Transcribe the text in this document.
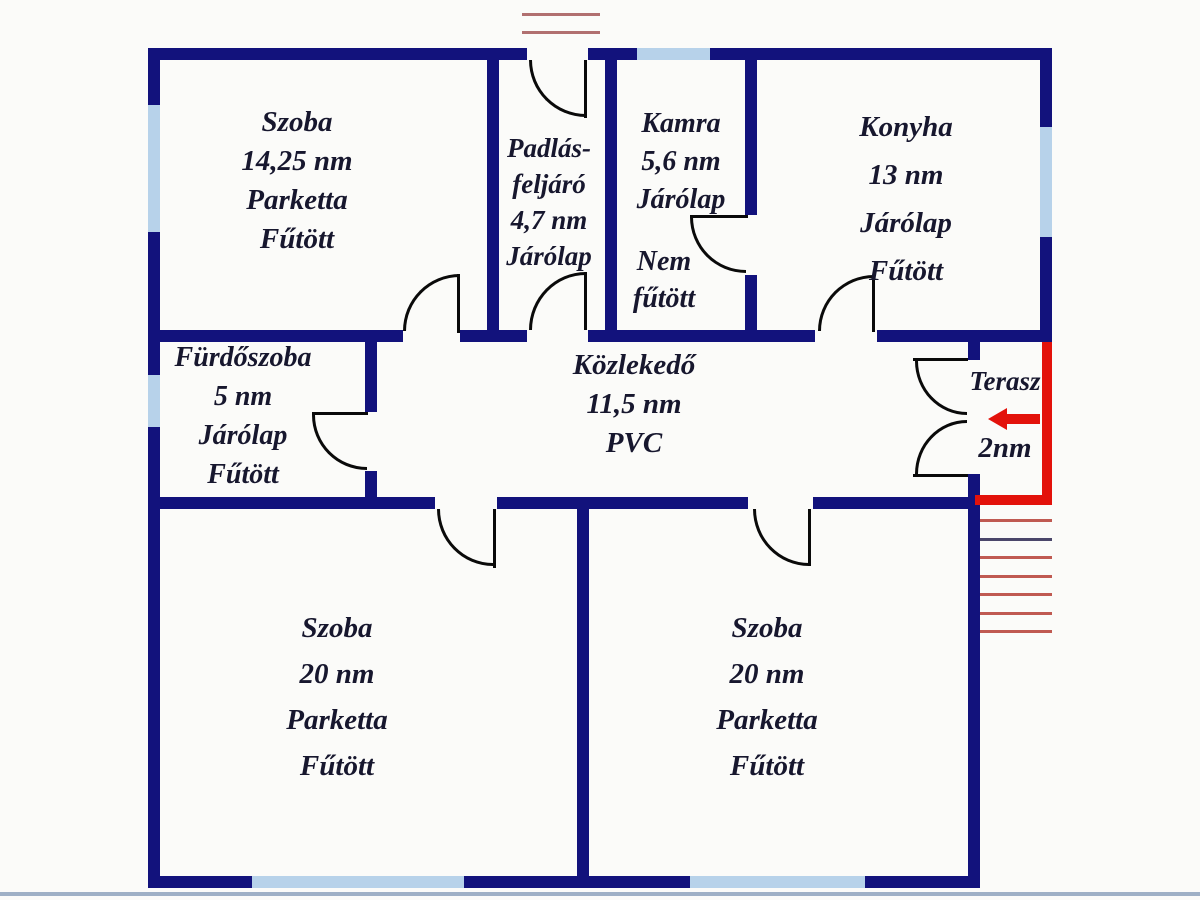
Szoba
14,25 nm
Parketta
Fűtött
Padlás-
feljáró
4,7 nm
Járólap
Kamra
5,6 nm
Járólap
Nem
fűtött
Konyha
13 nm
Járólap
Fűtött
Fürdőszoba
5 nm
Járólap
Fűtött
Közlekedő
11,5 nm
PVC
Terasz
2nm
Szoba
20 nm
Parketta
Fűtött
Szoba
20 nm
Parketta
Fűtött
